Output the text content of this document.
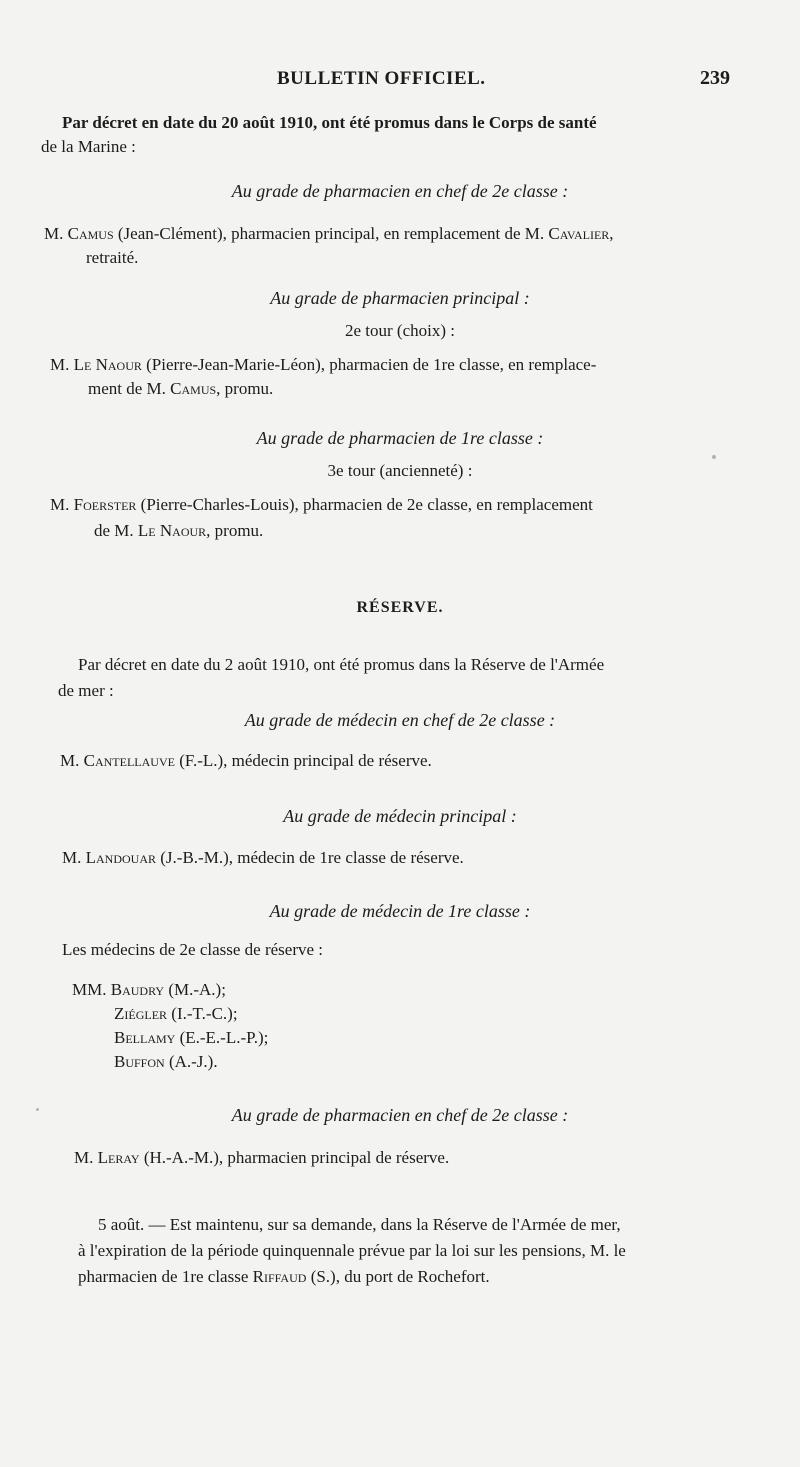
BULLETIN OFFICIEL.	239

Par décret en date du 20 août 1910, ont été promus dans le Corps de santé

de la Marine :

Au grade de pharmacien en chef de 2e classe :

M. Camus (Jean-Clément), pharmacien principal, en remplacement de M. Cavalier,

retraité.

Au grade de pharmacien principal :

2e tour (choix) :

M. Le Naour (Pierre-Jean-Marie-Léon), pharmacien de 1re classe, en remplace-

ment de M. Camus, promu.

Au grade de pharmacien de 1re classe :

3e tour (ancienneté) :

M. Foerster (Pierre-Charles-Louis), pharmacien de 2e classe, en remplacement

de M. Le Naour, promu.

RÉSERVE.

Par décret en date du 2 août 1910, ont été promus dans la Réserve de l'Armée

de mer :

Au grade de médecin en chef de 2e classe :

M. Cantellauve (F.-L.), médecin principal de réserve.

Au grade de médecin principal :

M. Landouar (J.-B.-M.), médecin de 1re classe de réserve.

Au grade de médecin de 1re classe :

Les médecins de 2e classe de réserve :

MM. Baudry (M.-A.);

Ziégler (I.-T.-C.);

Bellamy (E.-E.-L.-P.);

Buffon (A.-J.).

Au grade de pharmacien en chef de 2e classe :

M. Leray (H.-A.-M.), pharmacien principal de réserve.

5 août. — Est maintenu, sur sa demande, dans la Réserve de l'Armée de mer,

à l'expiration de la période quinquennale prévue par la loi sur les pensions, M. le

pharmacien de 1re classe Riffaud (S.), du port de Rochefort.
